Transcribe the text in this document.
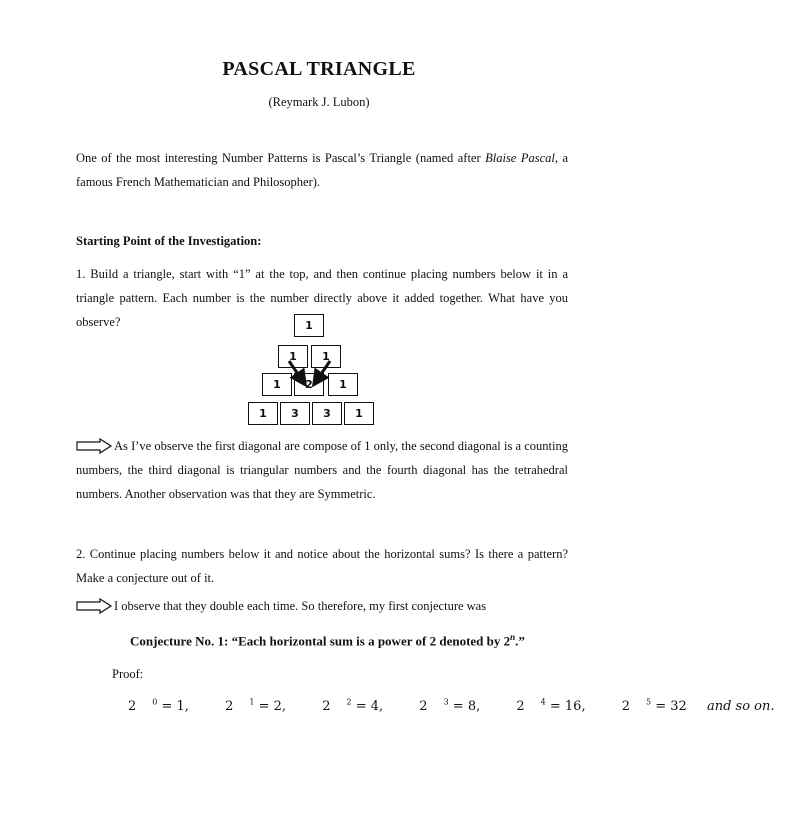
PASCAL TRIANGLE
(Reymark J. Lubon)

One of the most interesting Number Patterns is Pascal’s Triangle (named after Blaise Pascal, a famous French Mathematician and Philosopher).

Starting Point of the Investigation:

1. Build a triangle, start with “1” at the top, and then continue placing numbers below it in a triangle pattern. Each number is the number directly above it added together. What have you observe?	1
1	1
1	2	1
1	3	3	1

As I’ve observe the first diagonal are compose of 1 only, the second diagonal is a counting numbers, the third diagonal is triangular numbers and the fourth diagonal has the tetrahedral numbers. Another observation was that they are Symmetric.

2. Continue placing numbers below it and notice about the horizontal sums? Is there a pattern? Make a conjecture out of it.

I observe that they double each time. So therefore, my first conjecture was

Conjecture No. 1: “Each horizontal sum is a power of 2 denoted by 2$^n$.”
Proof:
2 $^0$ = 1,	2 $^1$ = 2,	2 $^2$ = 4,	2 $^3$ = 8,	2 $^4$ = 16,	2 $^5$ = 32 and so on.
